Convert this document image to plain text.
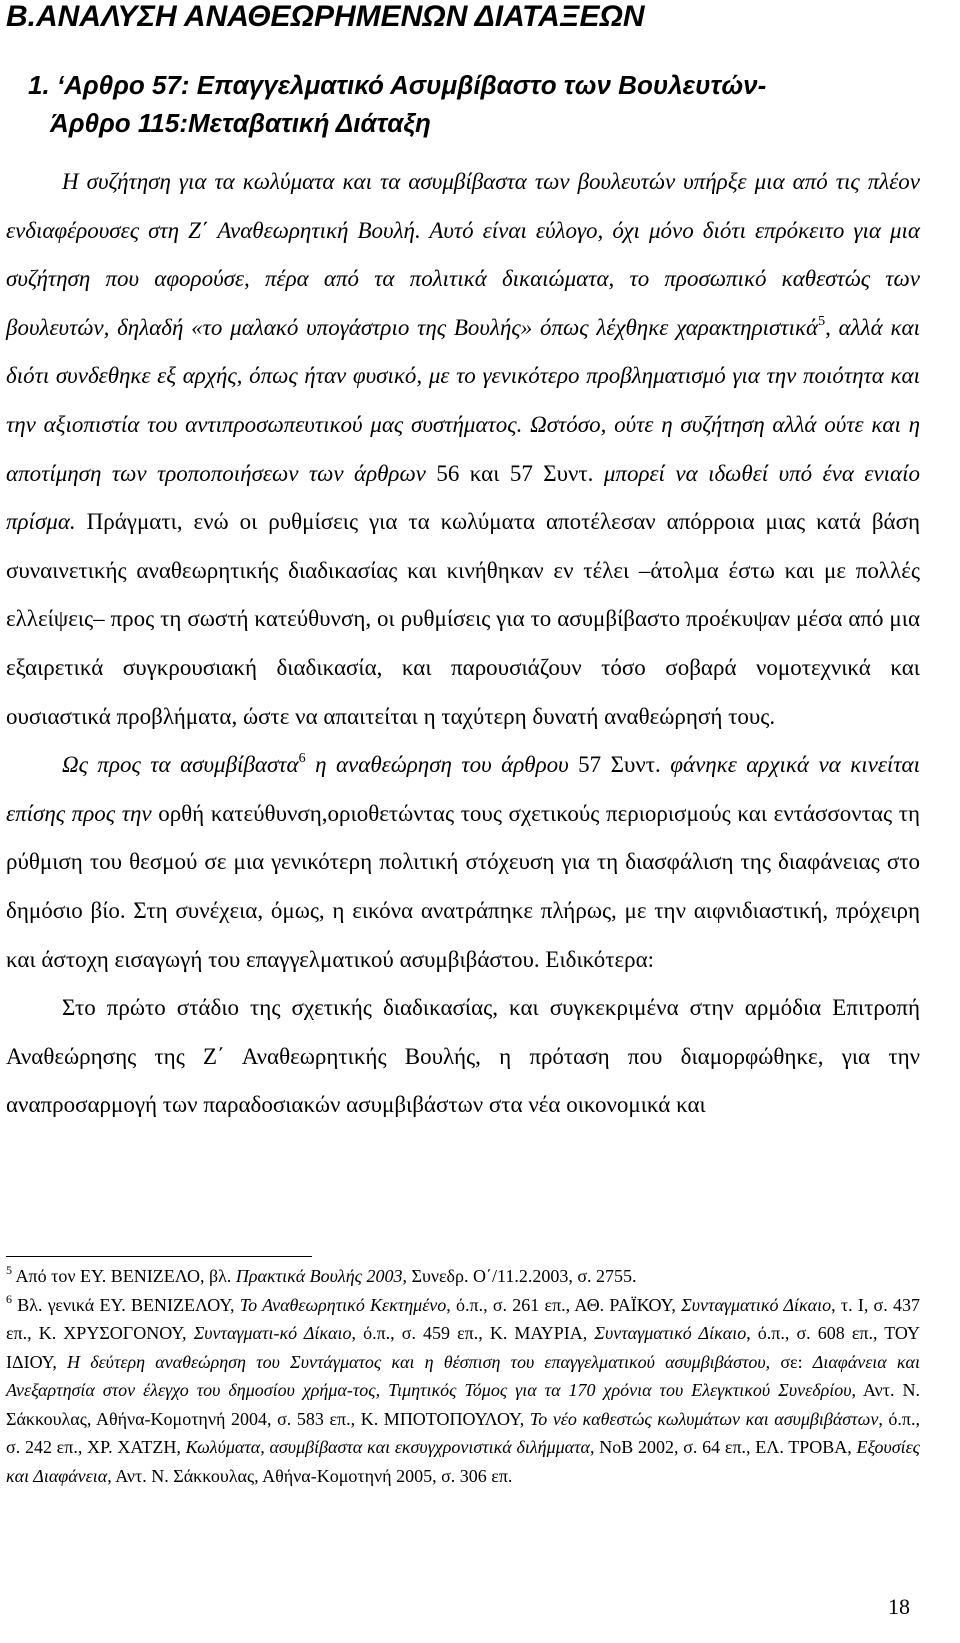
B.ΑΝΑΛΥΣΗ ΑΝΑΘΕΩΡΗΜΕΝΩΝ ΔΙΑΤΑΞΕΩΝ
1. ‘Αρθρο 57: Επαγγελματικό Ασυμβίβαστο των Βουλευτών-
Άρθρο 115:Μεταβατική Διάταξη

Η συζήτηση για τα κωλύματα και τα ασυμβίβαστα των βουλευτών υπήρξε μια από τις πλέον ενδιαφέρουσες στη Ζ΄ Αναθεωρητική Βουλή. Αυτό είναι εύλογο, όχι μόνο διότι επρόκειτο για μια συζήτηση που αφορούσε, πέρα από τα πολιτικά δικαιώματα, το προσωπικό καθεστώς των βουλευτών, δηλαδή «το μαλακό υπογάστριο της Βουλής» όπως λέχθηκε χαρακτηριστικά$^5$, αλλά και διότι συνδεθηκε εξ αρχής, όπως ήταν φυσικό, με το γενικότερο προβληματισμό για την ποιότητα και την αξιοπιστία του αντιπροσωπευτικού μας συστήματος. Ωστόσο, ούτε η συζήτηση αλλά ούτε και η αποτίμηση των τροποποιήσεων των άρθρων 56 και 57 Συντ. μπορεί να ιδωθεί υπό ένα ενιαίο πρίσμα. Πράγματι, ενώ οι ρυθμίσεις για τα κωλύματα αποτέλεσαν απόρροια μιας κατά βάση συναινετικής αναθεωρητικής διαδικασίας και κινήθηκαν εν τέλει –άτολμα έστω και με πολλές ελλείψεις– προς τη σωστή κατεύθυνση, οι ρυθμίσεις για το ασυμβίβαστο προέκυψαν μέσα από μια εξαιρετικά συγκρουσιακή διαδικασία, και παρουσιάζουν τόσο σοβαρά νομοτεχνικά και ουσιαστικά προβλήματα, ώστε να απαιτείται η ταχύτερη δυνατή αναθεώρησή τους.

Ως προς τα ασυμβίβαστα$^6$ η αναθεώρηση του άρθρου 57 Συντ. φάνηκε αρχικά να κινείται επίσης προς την ορθή κατεύθυνση,οριοθετώντας τους σχετικούς περιορισμούς και εντάσσοντας τη ρύθμιση του θεσμού σε μια γενικότερη πολιτική στόχευση για τη διασφάλιση της διαφάνειας στο δημόσιο βίο. Στη συνέχεια, όμως, η εικόνα ανατράπηκε πλήρως, με την αιφνιδιαστική, πρόχειρη και άστοχη εισαγωγή του επαγγελματικού ασυμβιβάστου. Ειδικότερα:

Στο πρώτο στάδιο της σχετικής διαδικασίας, και συγκεκριμένα στην αρμόδια Επιτροπή Αναθεώρησης της Ζ΄ Αναθεωρητικής Βουλής, η πρόταση που διαμορφώθηκε, για την αναπροσαρμογή των παραδοσιακών ασυμβιβάστων στα νέα οικονομικά και

$^5$ Από τον ΕΥ. ΒΕΝΙΖΕΛΟ, βλ. Πρακτικά Βουλής 2003, Συνεδρ. Ο΄/11.2.2003, σ. 2755.

$^6$ Βλ. γενικά ΕΥ. ΒΕΝΙΖΕΛΟΥ, Το Αναθεωρητικό Κεκτημένο, ό.π., σ. 261 επ., ΑΘ. ΡΑΪΚΟΥ, Συνταγματικό Δίκαιο, τ. Ι, σ. 437 επ., Κ. ΧΡΥΣΟΓΟΝΟΥ, Συνταγματι-κό Δίκαιο, ό.π., σ. 459 επ., Κ. ΜΑΥΡΙΑ, Συνταγματικό Δίκαιο, ό.π., σ. 608 επ., ΤΟΥ ΙΔΙΟΥ, Η δεύτερη αναθεώρηση του Συντάγματος και η θέσπιση του επαγγελματικού ασυμβιβάστου, σε: Διαφάνεια και Ανεξαρτησία στον έλεγχο του δημοσίου χρήμα-τος, Τιμητικός Τόμος για τα 170 χρόνια του Ελεγκτικού Συνεδρίου, Αντ. Ν. Σάκκουλας, Αθήνα-Κομοτηνή 2004, σ. 583 επ., Κ. ΜΠΟΤΟΠΟΥΛΟΥ, Το νέο καθεστώς κωλυμάτων και ασυμβιβάστων, ό.π., σ. 242 επ., ΧΡ. ΧΑΤΖΗ, Κωλύματα, ασυμβίβαστα και εκσυγχρονιστικά διλήμματα, ΝοΒ 2002, σ. 64 επ., ΕΛ. ΤΡΟΒΑ, Εξουσίες και Διαφάνεια, Αντ. Ν. Σάκκουλας, Αθήνα-Κομοτηνή 2005, σ. 306 επ.

18
